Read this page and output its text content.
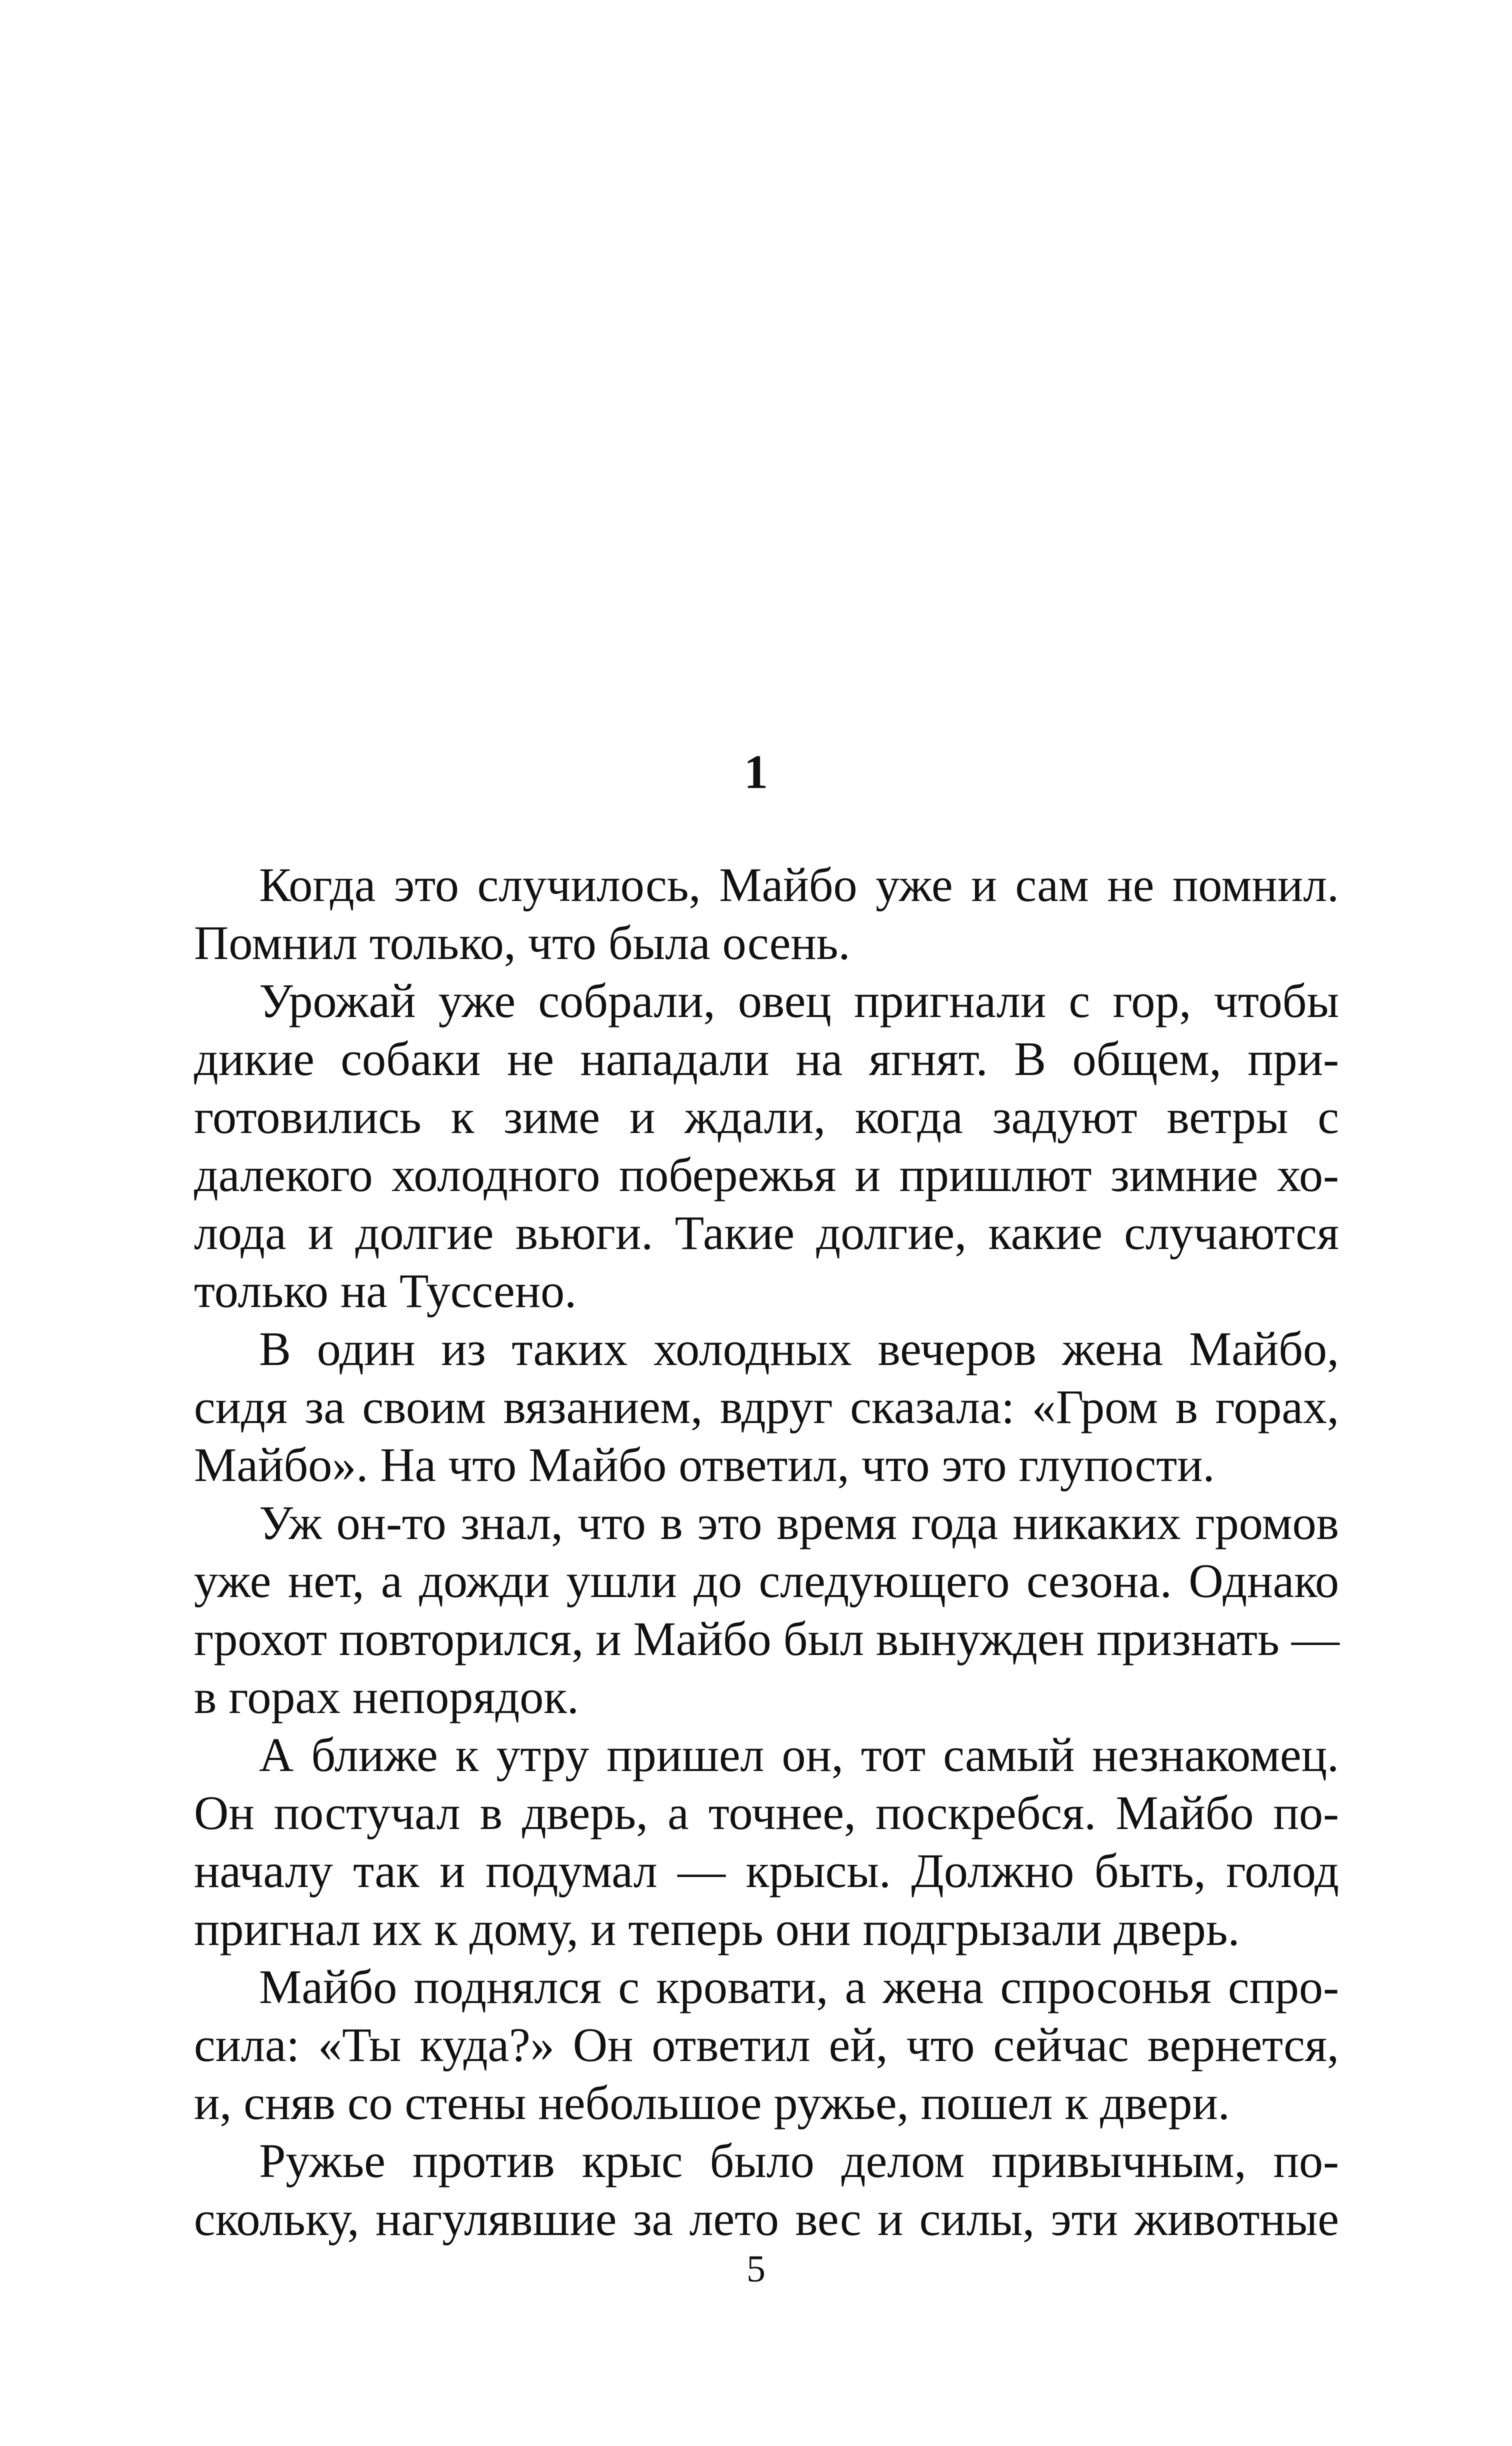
1
Когда это случилось, Майбо уже и сам не помнил.
Помнил только, что была осень.
Урожай уже собрали, овец пригнали с гор, чтобы
дикие собаки не нападали на ягнят. В общем, при-
готовились к зиме и ждали, когда задуют ветры с
далекого холодного побережья и пришлют зимние хо-
лода и долгие вьюги. Такие долгие, какие случаются
только на Туссено.
В один из таких холодных вечеров жена Майбо,
сидя за своим вязанием, вдруг сказала: «Гром в горах,
Майбо». На что Майбо ответил, что это глупости.
Уж он-то знал, что в это время года никаких громов
уже нет, а дожди ушли до следующего сезона. Однако
грохот повторился, и Майбо был вынужден признать —
в горах непорядок.
А ближе к утру пришел он, тот самый незнакомец.
Он постучал в дверь, а точнее, поскребся. Майбо по-
началу так и подумал — крысы. Должно быть, голод
пригнал их к дому, и теперь они подгрызали дверь.
Майбо поднялся с кровати, а жена спросонья спро-
сила: «Ты куда?» Он ответил ей, что сейчас вернется,
и, сняв со стены небольшое ружье, пошел к двери.
Ружье против крыс было делом привычным, по-
скольку, нагулявшие за лето вес и силы, эти животные
5
